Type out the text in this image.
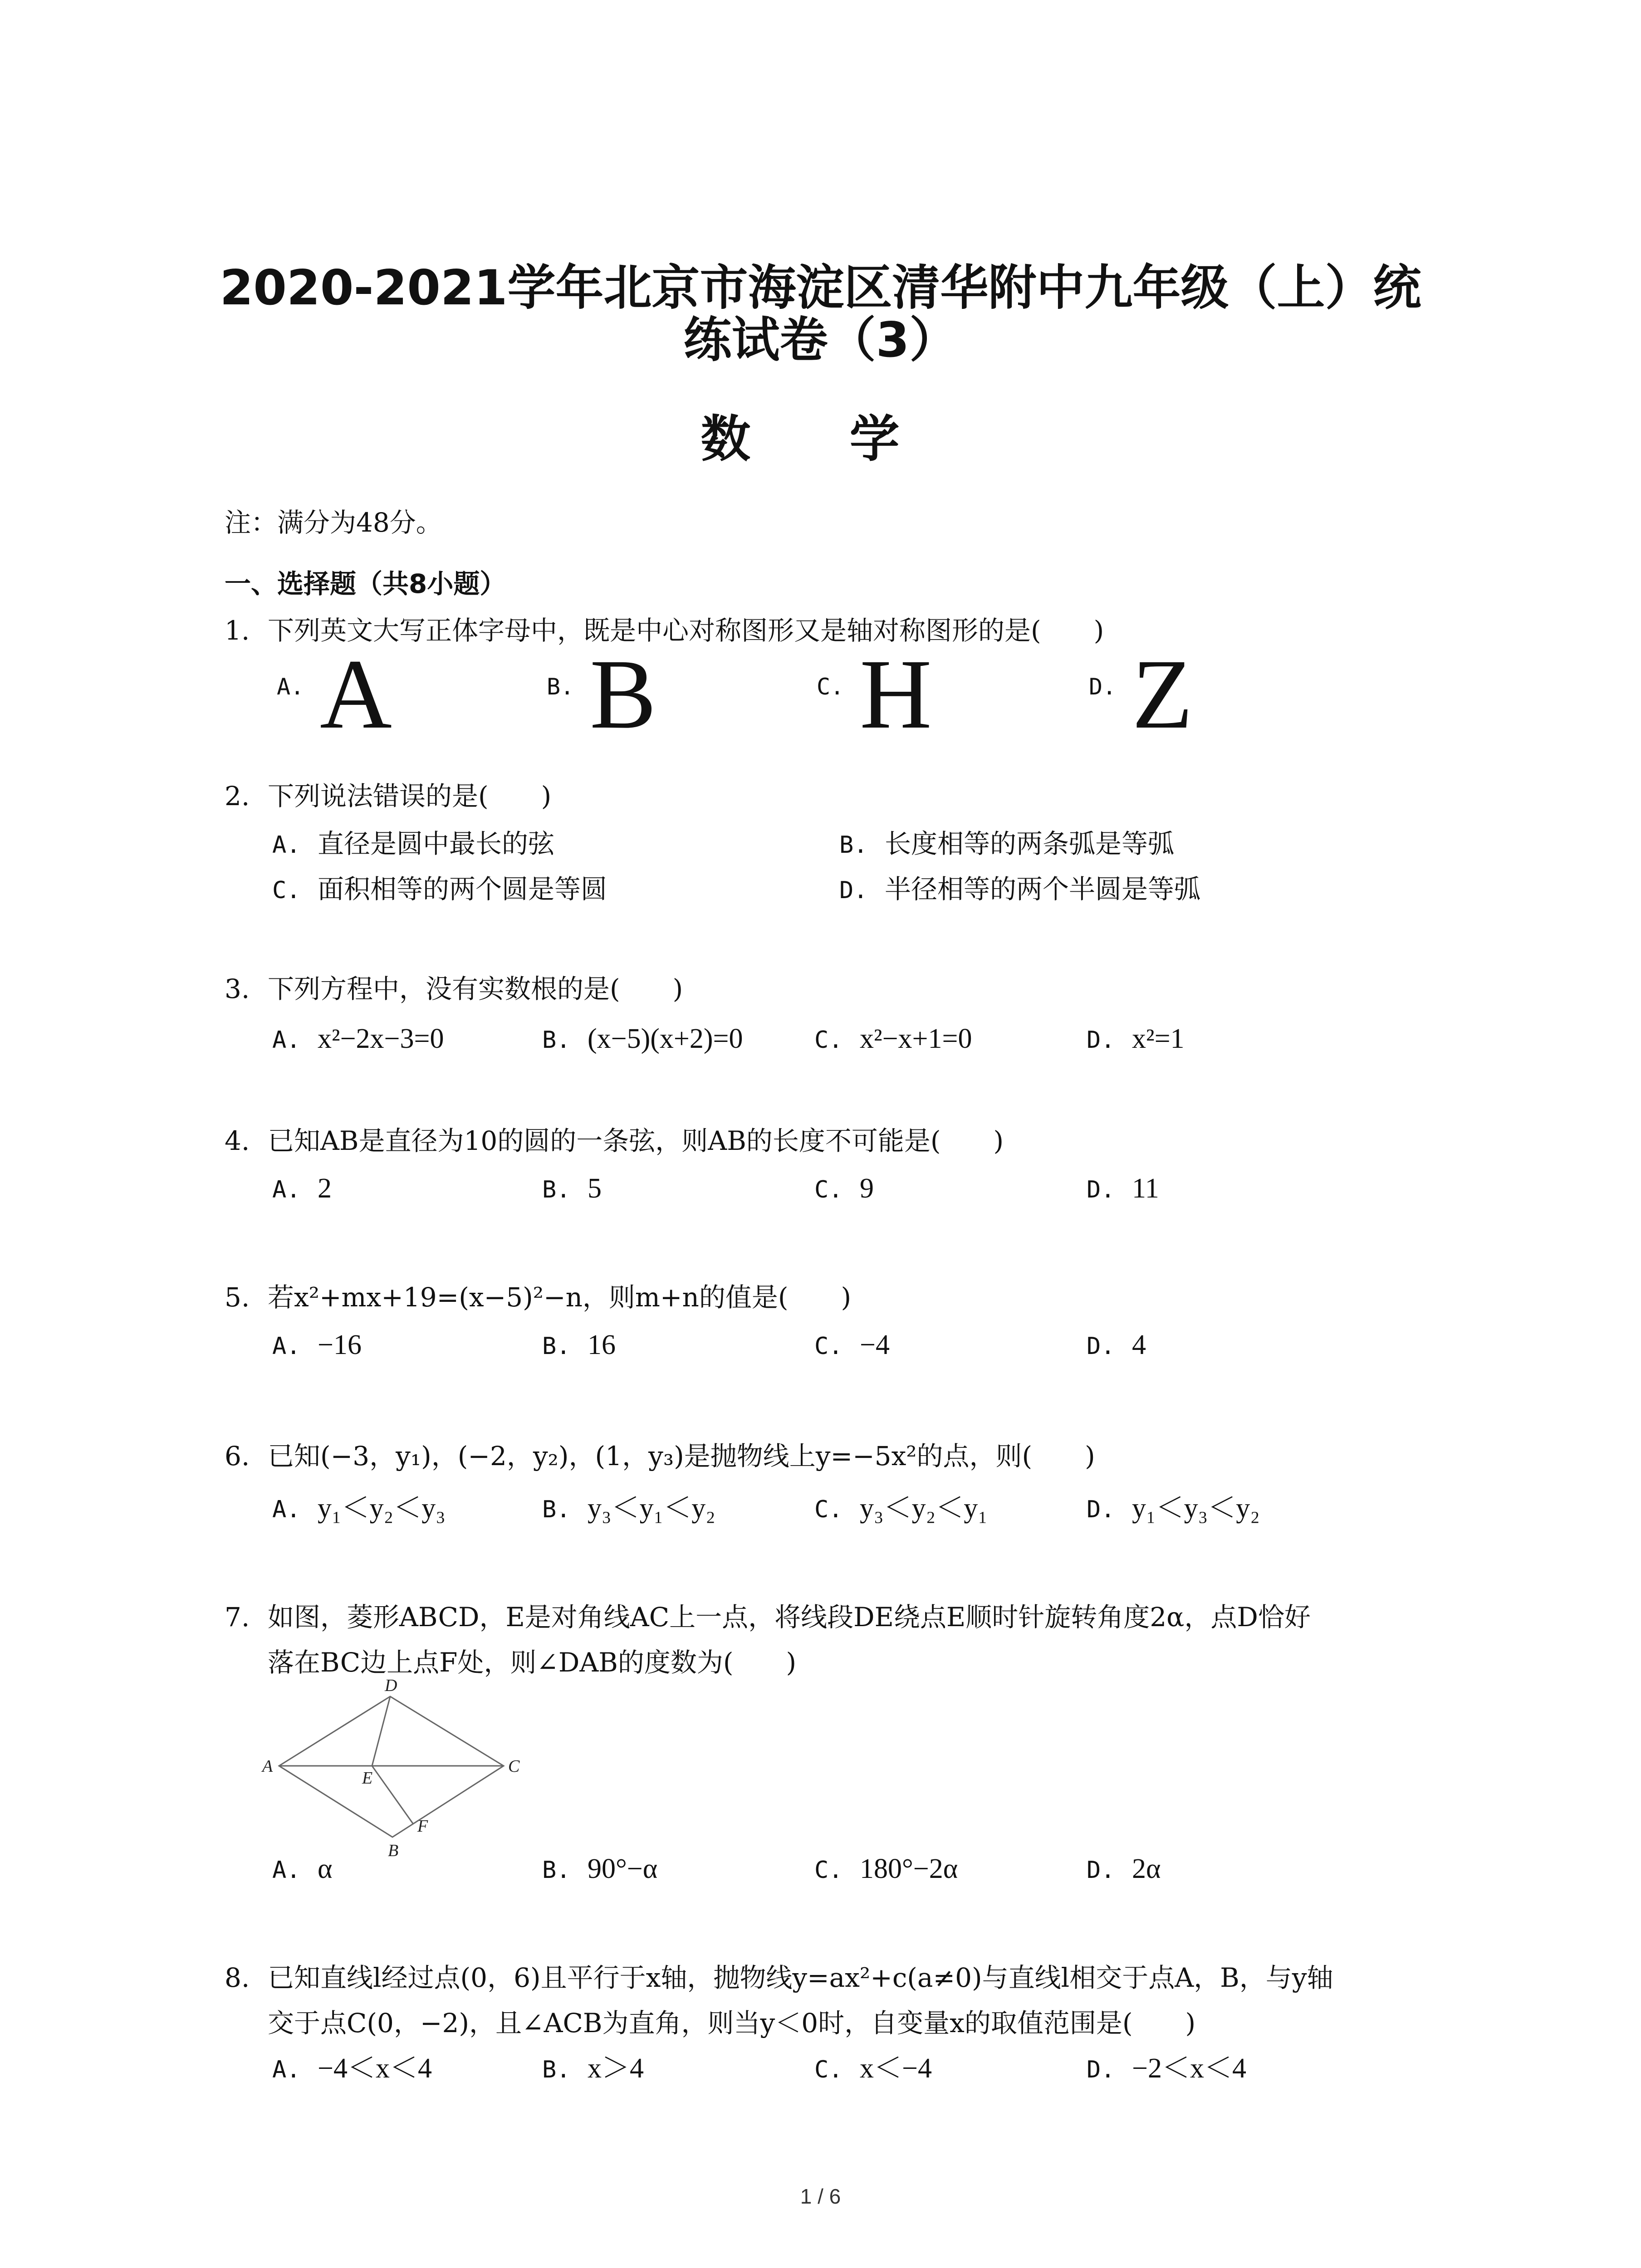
2020-2021学年北京市海淀区清华附中九年级（上）统
练试卷（3）
数 学
注：满分为48分。
一、选择题（共8小题）
1. 下列英文大写正体字母中，既是中心对称图形又是轴对称图形的是(　　)
A. A	B. B	C. H	D. Z
2. 下列说法错误的是(　　)
A. 直径是圆中最长的弦	B. 长度相等的两条弧是等弧
C. 面积相等的两个圆是等圆	D. 半径相等的两个半圆是等弧
3. 下列方程中，没有实数根的是(　　)
A. x²−2x−3=0	B. (x−5)(x+2)=0	C. x²−x+1=0	D. x²=1
4. 已知AB是直径为10的圆的一条弦，则AB的长度不可能是(　　)
A. 2	B. 5	C. 9	D. 11
5. 若x²+mx+19=(x−5)²−n，则m+n的值是(　　)
A. −16	B. 16	C. −4	D. 4
6. 已知(−3，y₁)，(−2，y₂)，(1，y₃)是抛物线上y=−5x²的点，则(　　)
A. y₁＜y₂＜y₃	B. y₃＜y₁＜y₂	C. y₃＜y₂＜y₁	D. y₁＜y₃＜y₂
7. 如图，菱形ABCD，E是对角线AC上一点，将线段DE绕点E顺时针旋转角度2α，点D恰好
落在BC边上点F处，则∠DAB的度数为(　　)
A
D
C
B
E
F
A. α	B. 90°−α	C. 180°−2α	D. 2α
8. 已知直线l经过点(0，6)且平行于x轴，抛物线y=ax²+c(a≠0)与直线l相交于点A，B，与y轴
交于点C(0，−2)，且∠ACB为直角，则当y＜0时，自变量x的取值范围是(　　)
A. −4＜x＜4	B. x＞4	C. x＜−4	D. −2＜x＜4
1 / 6
